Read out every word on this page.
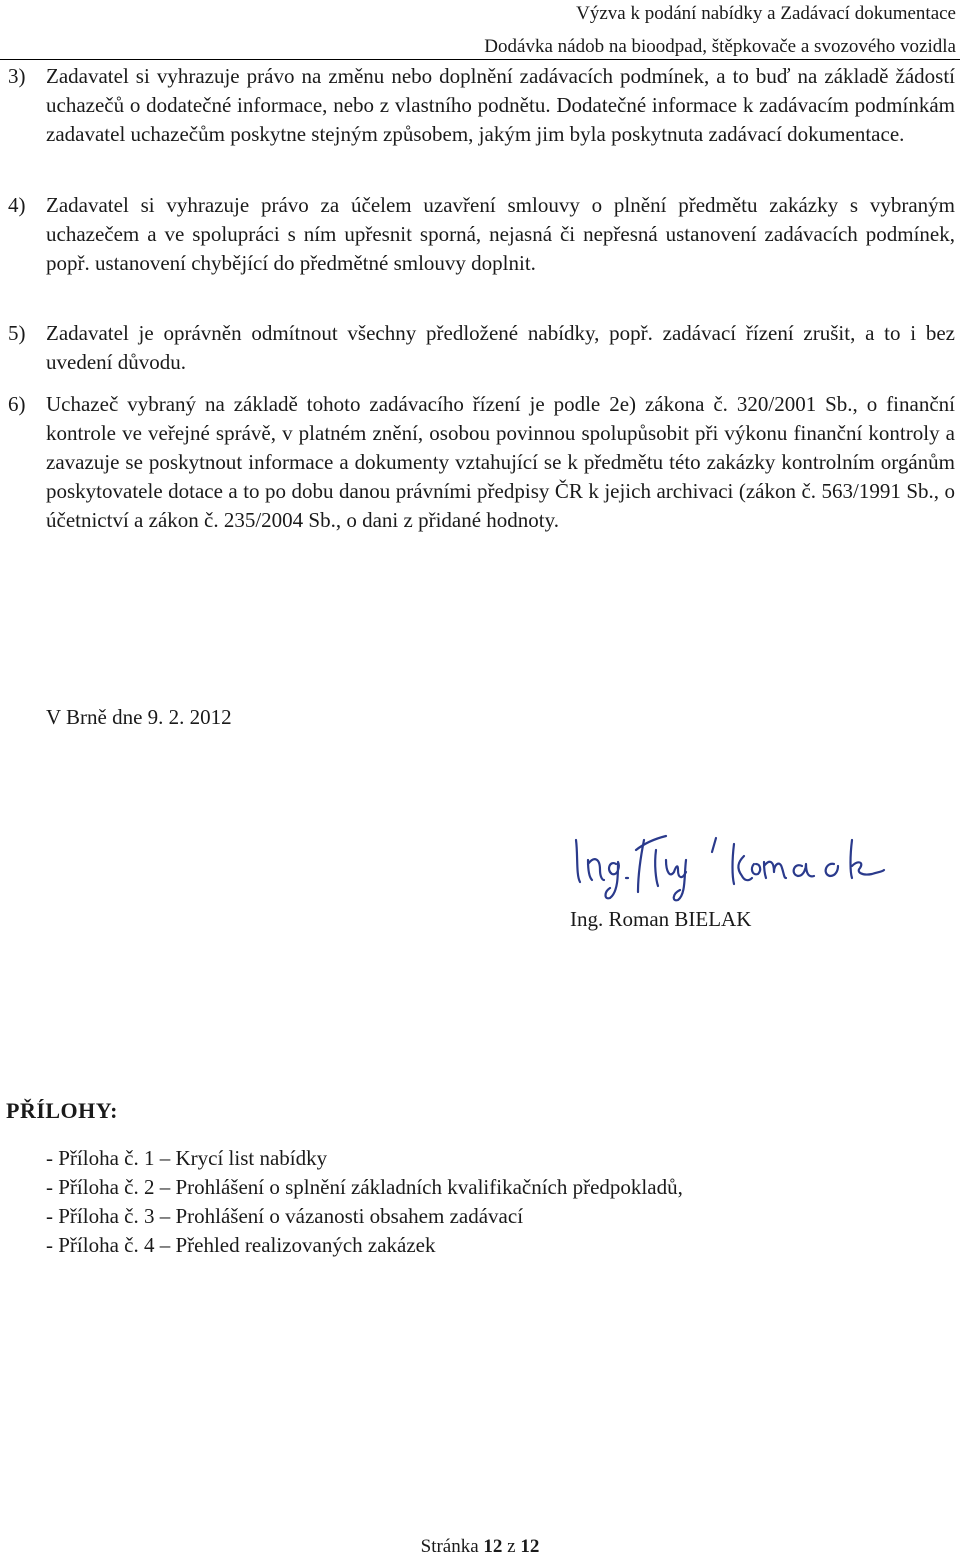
Výzva k podání nabídky a Zadávací dokumentace
Dodávka nádob na bioodpad, štěpkovače a svozového vozidla
3) Zadavatel si vyhrazuje právo na změnu nebo doplnění zadávacích podmínek, a to buď na základě žádostí uchazečů o dodatečné informace, nebo z vlastního podnětu. Dodatečné informace k zadávacím podmínkám zadavatel uchazečům poskytne stejným způsobem, jakým jim byla poskytnuta zadávací dokumentace.
4) Zadavatel si vyhrazuje právo za účelem uzavření smlouvy o plnění předmětu zakázky s vybraným uchazečem a ve spolupráci s ním upřesnit sporná, nejasná či nepřesná ustanovení zadávacích podmínek, popř. ustanovení chybějící do předmětné smlouvy doplnit.
5) Zadavatel je oprávněn odmítnout všechny předložené nabídky, popř. zadávací řízení zrušit, a to i bez uvedení důvodu.
6) Uchazeč vybraný na základě tohoto zadávacího řízení je podle 2e) zákona č. 320/2001 Sb., o finanční kontrole ve veřejné správě, v platném znění, osobou povinnou spolupůsobit při výkonu finanční kontroly a zavazuje se poskytnout informace a dokumenty vztahující se k předmětu této zakázky kontrolním orgánům poskytovatele dotace a to po dobu danou právními předpisy ČR k jejich archivaci (zákon č. 563/1991 Sb., o účetnictví a zákon č. 235/2004 Sb., o dani z přidané hodnoty.
V Brně dne 9. 2. 2012
Ing. Roman BIELAK
PŘÍLOHY:
- Příloha č. 1 – Krycí list nabídky
- Příloha č. 2 – Prohlášení o splnění základních kvalifikačních předpokladů,
- Příloha č. 3 – Prohlášení o vázanosti obsahem zadávací
- Příloha č. 4 – Přehled realizovaných zakázek
Stránka 12 z 12
